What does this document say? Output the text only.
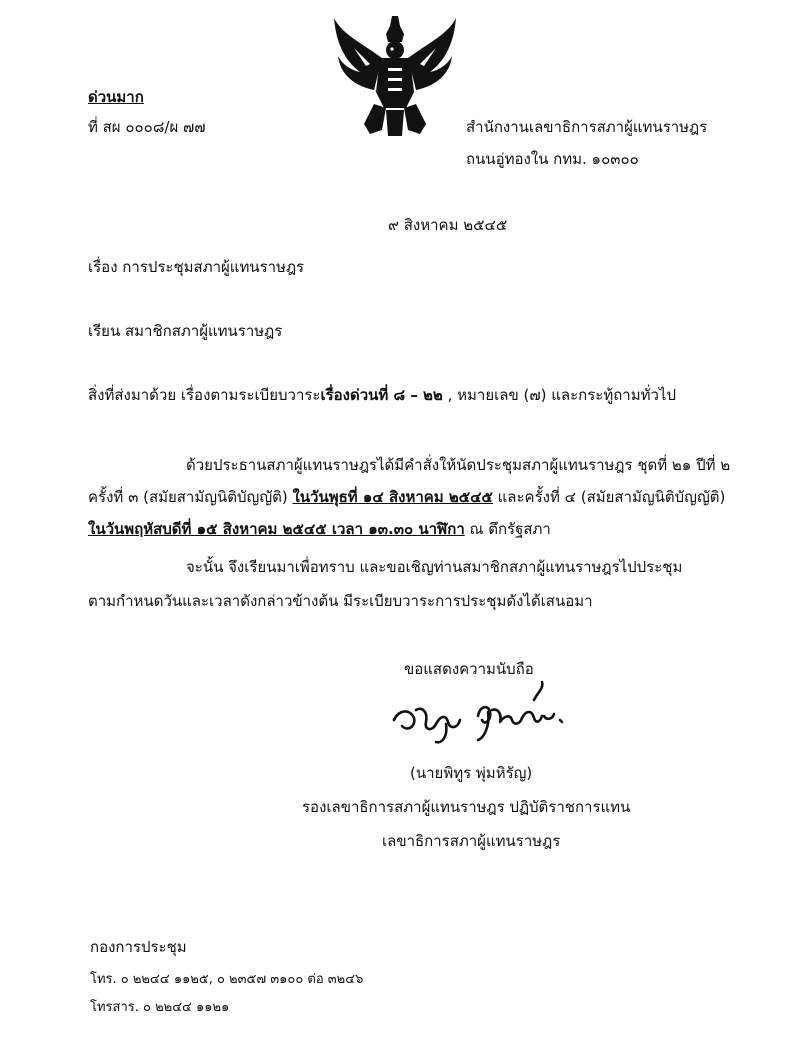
ด่วนมาก
ที่ สผ ๐๐๐๘/ผ ๗๗	สำนักงานเลขาธิการสภาผู้แทนราษฎร
ถนนอู่ทองใน กทม. ๑๐๓๐๐
๙ สิงหาคม ๒๕๔๕
เรื่อง การประชุมสภาผู้แทนราษฎร
เรียน สมาชิกสภาผู้แทนราษฎร
สิ่งที่ส่งมาด้วย เรื่องตามระเบียบวาระเรื่องด่วนที่ ๘ – ๒๒ , หมายเลข (๗) และกระทู้ถามทั่วไป
ด้วยประธานสภาผู้แทนราษฎรได้มีคำสั่งให้นัดประชุมสภาผู้แทนราษฎร ชุดที่ ๒๑ ปีที่ ๒
ครั้งที่ ๓ (สมัยสามัญนิติบัญญัติ) ในวันพุธที่ ๑๔ สิงหาคม ๒๕๔๕ และครั้งที่ ๔ (สมัยสามัญนิติบัญญัติ)
ในวันพฤหัสบดีที่ ๑๕ สิงหาคม ๒๕๔๕ เวลา ๑๓.๓๐ นาฬิกา ณ ตึกรัฐสภา
จะนั้น จึงเรียนมาเพื่อทราบ และขอเชิญท่านสมาชิกสภาผู้แทนราษฎรไปประชุม
ตามกำหนดวันและเวลาดังกล่าวข้างต้น มีระเบียบวาระการประชุมดังได้เสนอมา
ขอแสดงความนับถือ
(นายพิทูร พุ่มหิรัญ)
รองเลขาธิการสภาผู้แทนราษฎร ปฏิบัติราชการแทน
เลขาธิการสภาผู้แทนราษฎร
กองการประชุม
โทร. ๐ ๒๒๔๔ ๑๑๒๕, ๐ ๒๓๕๗ ๓๑๐๐ ต่อ ๓๒๔๖
โทรสาร. ๐ ๒๒๔๔ ๑๑๒๑
